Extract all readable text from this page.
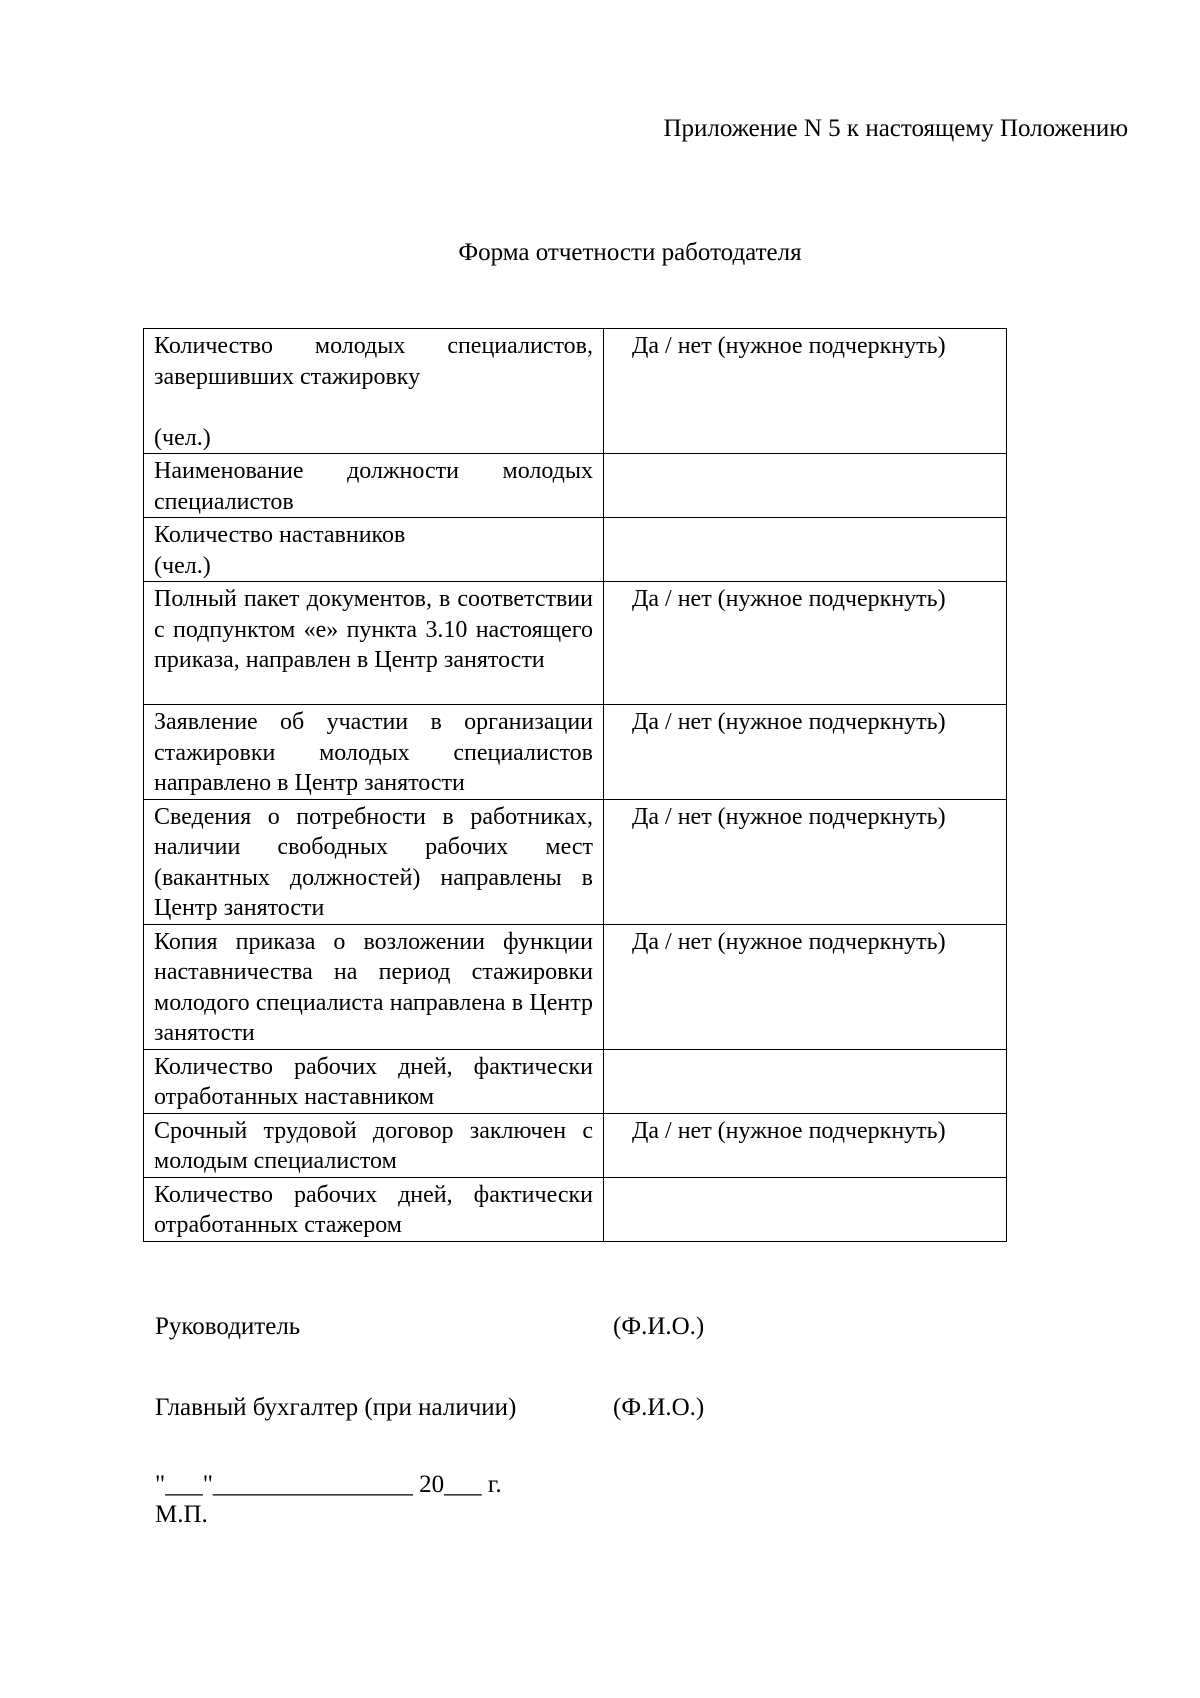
Приложение N 5 к настоящему Положению
Форма отчетности работодателя
Количество молодых специалистов, завершивших стажировку

(чел.)	Да / нет (нужное подчеркнуть)
Наименование должности молодых специалистов	
Количество наставников
(чел.)	
Полный пакет документов, в соответствии с подпунктом «е» пункта 3.10 настоящего приказа, направлен в Центр занятости	Да / нет (нужное подчеркнуть)
Заявление об участии в организации стажировки молодых специалистов направлено в Центр занятости	Да / нет (нужное подчеркнуть)
Сведения о потребности в работниках, наличии свободных рабочих мест (вакантных должностей) направлены в Центр занятости	Да / нет (нужное подчеркнуть)
Копия приказа о возложении функции наставничества на период стажировки молодого специалиста направлена в Центр занятости	Да / нет (нужное подчеркнуть)
Количество рабочих дней, фактически отработанных наставником	
Срочный трудовой договор заключен с молодым специалистом	Да / нет (нужное подчеркнуть)
Количество рабочих дней, фактически отработанных стажером	
Руководитель	(Ф.И.О.)
Главный бухгалтер (при наличии)	(Ф.И.О.)
"___"________________ 20___ г.
М.П.
